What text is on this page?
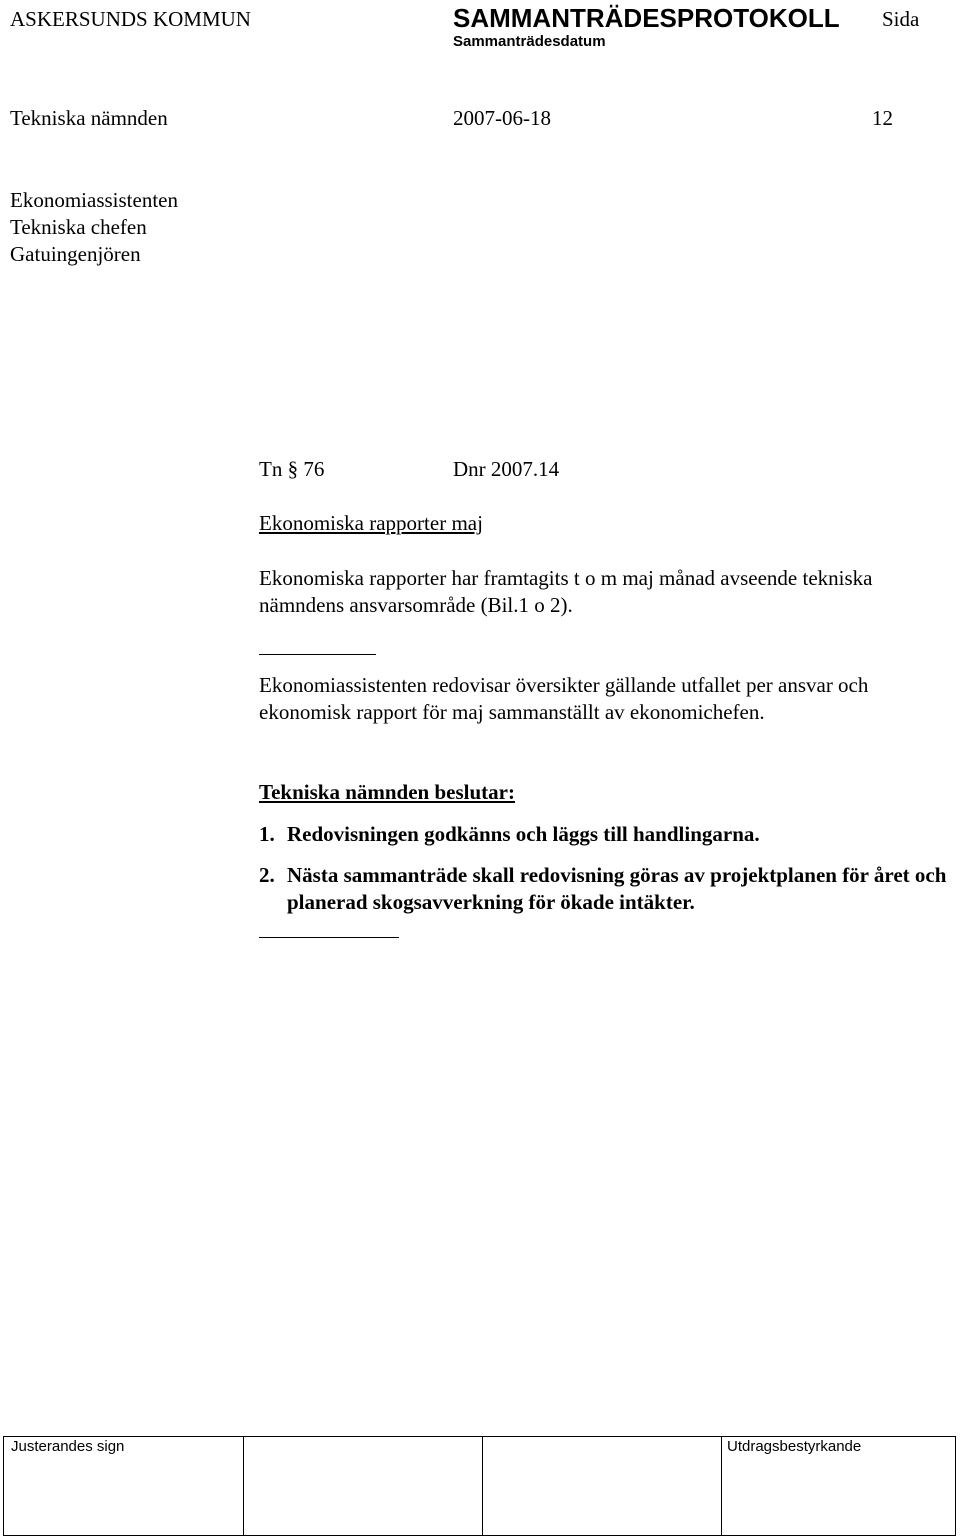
ASKERSUNDS KOMMUN	SAMMANTRÄDESPROTOKOLL Sida
Sammanträdesdatum
Tekniska nämnden	2007-06-18	12
Ekonomiassistenten
Tekniska chefen
Gatuingenjören
Tn § 76	Dnr 2007.14
Ekonomiska rapporter maj
Ekonomiska rapporter har framtagits t o m maj månad avseende tekniska nämndens ansvarsområde (Bil.1 o 2).
Ekonomiassistenten redovisar översikter gällande utfallet per ansvar och ekonomisk rapport för maj sammanställt av ekonomichefen.
Tekniska nämnden beslutar:
1. Redovisningen godkänns och läggs till handlingarna.
2. Nästa sammanträde skall redovisning göras av projektplanen för året och planerad skogsavverkning för ökade intäkter.
Justerandes sign	Utdragsbestyrkande
